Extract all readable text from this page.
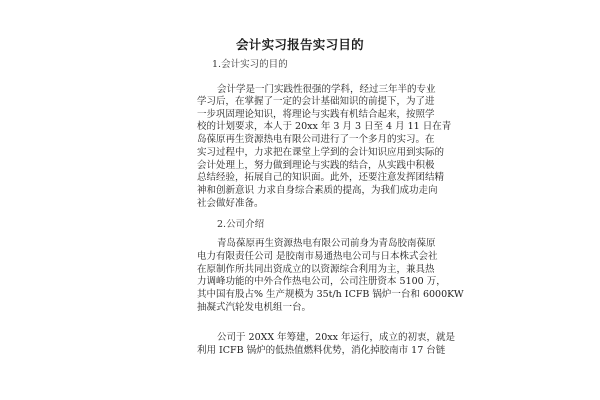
会计实习报告实习目的
1.会计实习的目的
会计学是一门实践性很强的学科，经过三年半的专业
学习后，在掌握了一定的会计基础知识的前提下，为了进
一步巩固理论知识，将理论与实践有机结合起来，按照学
校的计划要求，本人于 20xx 年 3 月 3 日至 4 月 11 日在青
岛葆原再生资源热电有限公司进行了一个多月的实习。在
实习过程中，力求把在课堂上学到的会计知识应用到实际的
会计处理上，努力做到理论与实践的结合，从实践中积极
总结经验，拓展自己的知识面。此外，还要注意发挥团结精
神和创新意识 力求自身综合素质的提高，为我们成功走向
社会做好准备。
2.公司介绍
青岛葆原再生资源热电有限公司前身为青岛胶南葆原
电力有限责任公司 是胶南市易通热电公司与日本株式会社
在原制作所共同出资成立的以资源综合利用为主，兼具热
力调峰功能的中外合作热电公司，公司注册资本 5100 万，
其中国有股占% 生产规模为 35t/h ICFB 锅炉一台和 6000KW
抽凝式汽轮发电机组一台。
公司于 20XX 年筹建，20xx 年运行，成立的初衷，就是
利用 ICFB 锅炉的低热值燃料优势，消化掉胶南市 17 台链
